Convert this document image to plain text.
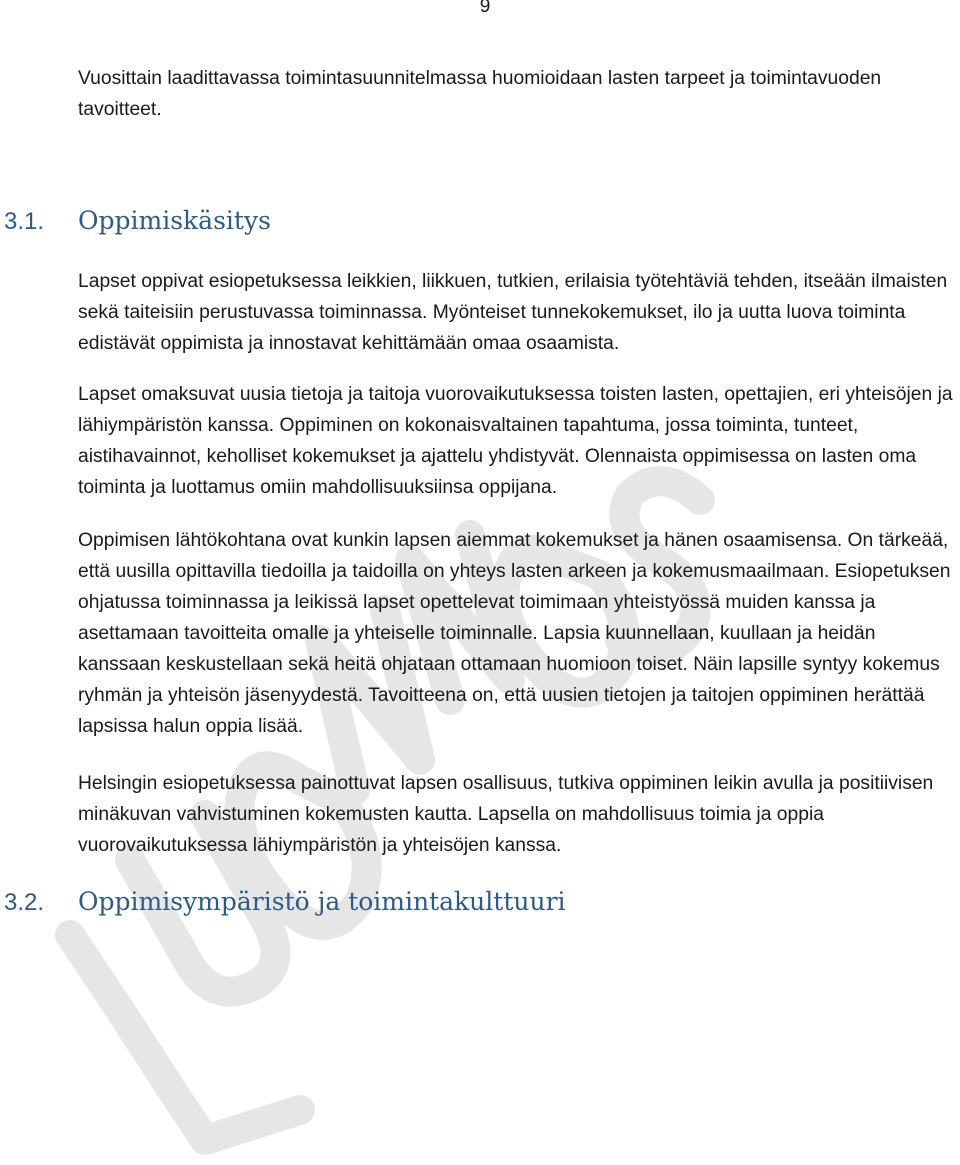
9

Vuosittain laadittavassa toimintasuunnitelmassa huomioidaan lasten tarpeet ja toimintavuoden tavoitteet.

3.1. Oppimiskäsitys

Lapset oppivat esiopetuksessa leikkien, liikkuen, tutkien, erilaisia työtehtäviä tehden, itseään ilmaisten sekä taiteisiin perustuvassa toiminnassa. Myönteiset tunnekokemukset, ilo ja uutta luova toiminta edistävät oppimista ja innostavat kehittämään omaa osaamista.

Lapset omaksuvat uusia tietoja ja taitoja vuorovaikutuksessa toisten lasten, opettajien, eri yhteisöjen ja lähiympäristön kanssa. Oppiminen on kokonaisvaltainen tapahtuma, jossa toiminta, tunteet, aistihavainnot, keholliset kokemukset ja ajattelu yhdistyvät. Olennaista oppimisessa on lasten oma toiminta ja luottamus omiin mahdollisuuksiinsa oppijana.

Oppimisen lähtökohtana ovat kunkin lapsen aiemmat kokemukset ja hänen osaamisensa. On tärkeää, että uusilla opittavilla tiedoilla ja taidoilla on yhteys lasten arkeen ja kokemusmaailmaan. Esiopetuksen ohjatussa toiminnassa ja leikissä lapset opettelevat toimimaan yhteistyössä muiden kanssa ja asettamaan tavoitteita omalle ja yhteiselle toiminnalle. Lapsia kuunnellaan, kuullaan ja heidän kanssaan keskustellaan sekä heitä ohjataan ottamaan huomioon toiset. Näin lapsille syntyy kokemus ryhmän ja yhteisön jäsenyydestä. Tavoitteena on, että uusien tietojen ja taitojen oppiminen herättää lapsissa halun oppia lisää.

Helsingin esiopetuksessa painottuvat lapsen osallisuus, tutkiva oppiminen leikin avulla ja positiivisen minäkuvan vahvistuminen kokemusten kautta. Lapsella on mahdollisuus toimia ja oppia vuorovaikutuksessa lähiympäristön ja yhteisöjen kanssa.

3.2. Oppimisympäristö ja toimintakulttuuri
